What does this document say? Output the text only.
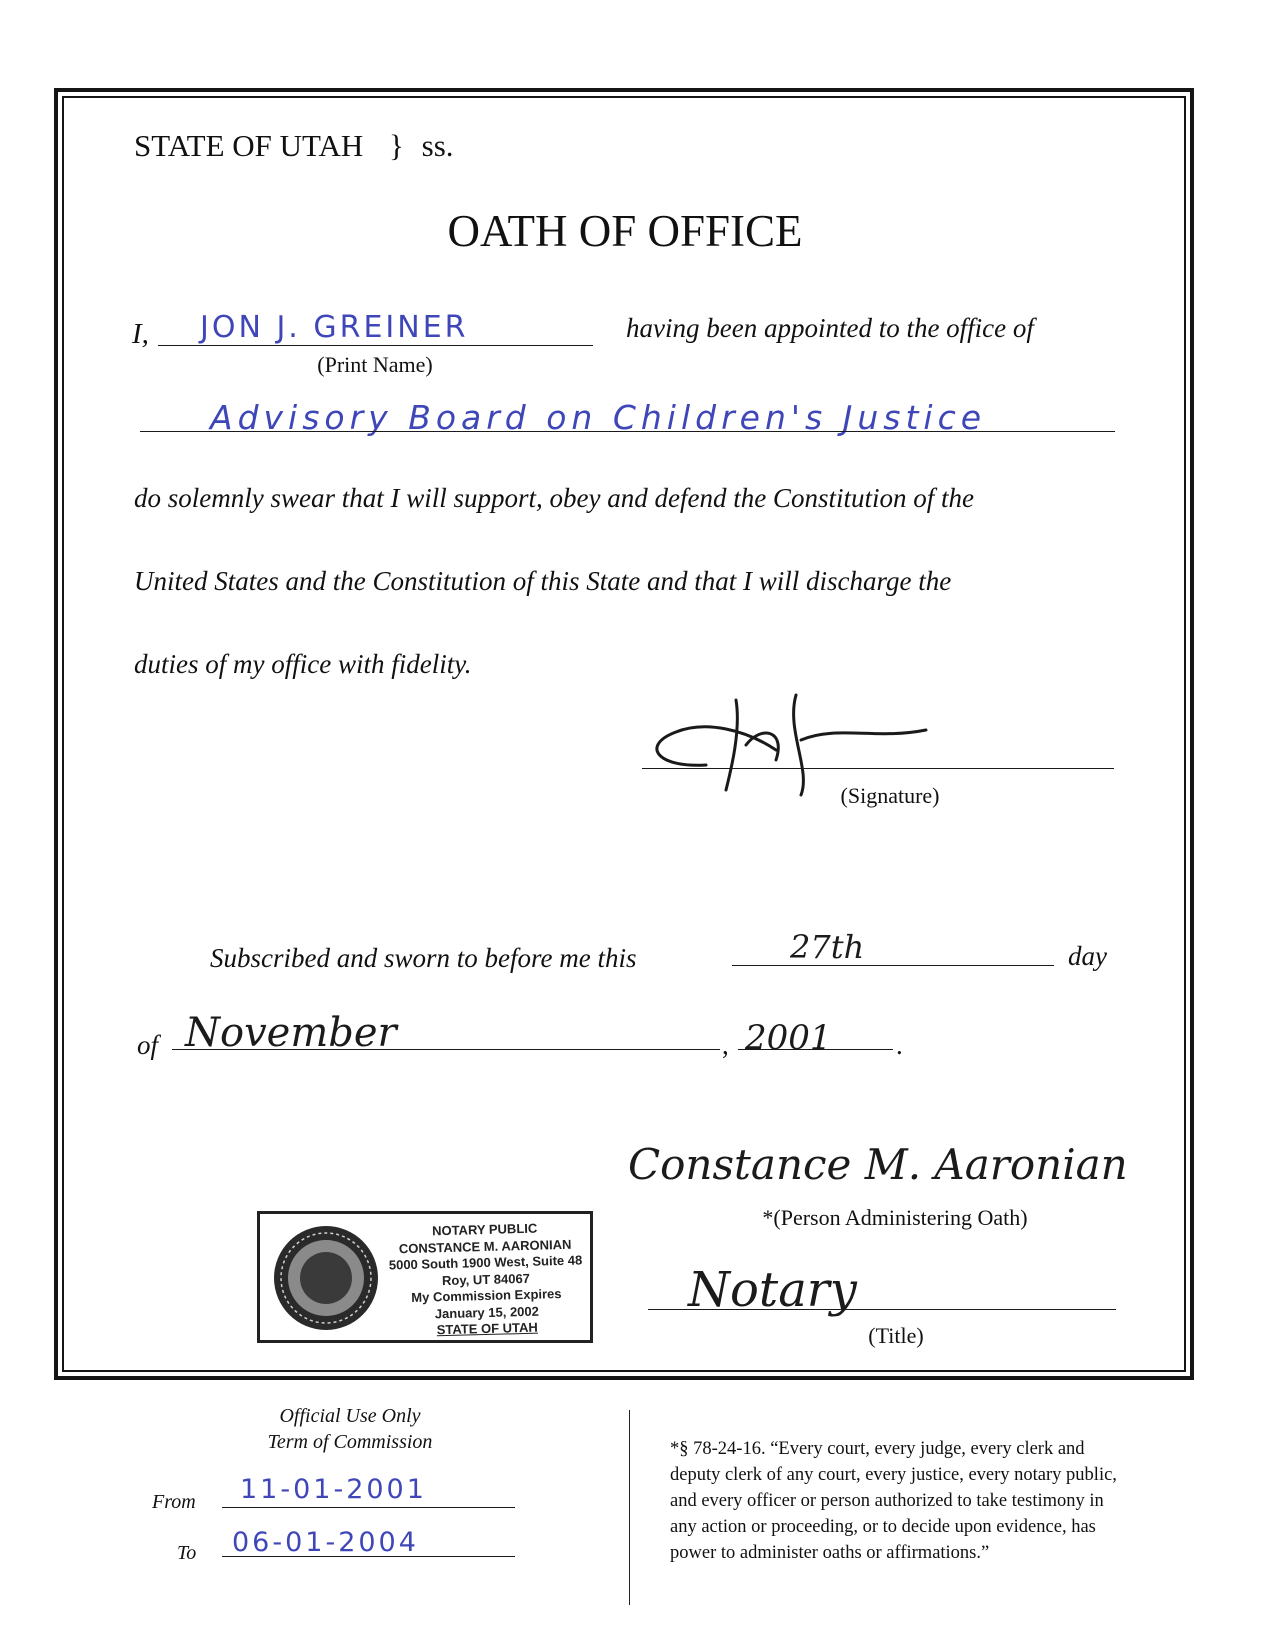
STATE OF UTAH } ss.
OATH OF OFFICE
I, JON J. GREINER
(Print Name)
having been appointed to the office of
Advisory Board on Children's Justice
do solemnly swear that I will support, obey and defend the Constitution of the
United States and the Constitution of this State and that I will discharge the
duties of my office with fidelity.
(Signature)
Subscribed and sworn to before me this	27th	day
of November	, 2001 .
Constance M. Aaronian
*(Person Administering Oath)
Notary
(Title)
NOTARY PUBLIC
CONSTANCE M. AARONIAN
5000 South 1900 West, Suite 48
Roy, UT 84067
My Commission Expires
January 15, 2002
STATE OF UTAH
Official Use Only
Term of Commission
From 11-01-2001
To 06-01-2004
*§ 78-24-16. “Every court, every judge, every clerk and
deputy clerk of any court, every justice, every notary public,
and every officer or person authorized to take testimony in
any action or proceeding, or to decide upon evidence, has
power to administer oaths or affirmations.”
